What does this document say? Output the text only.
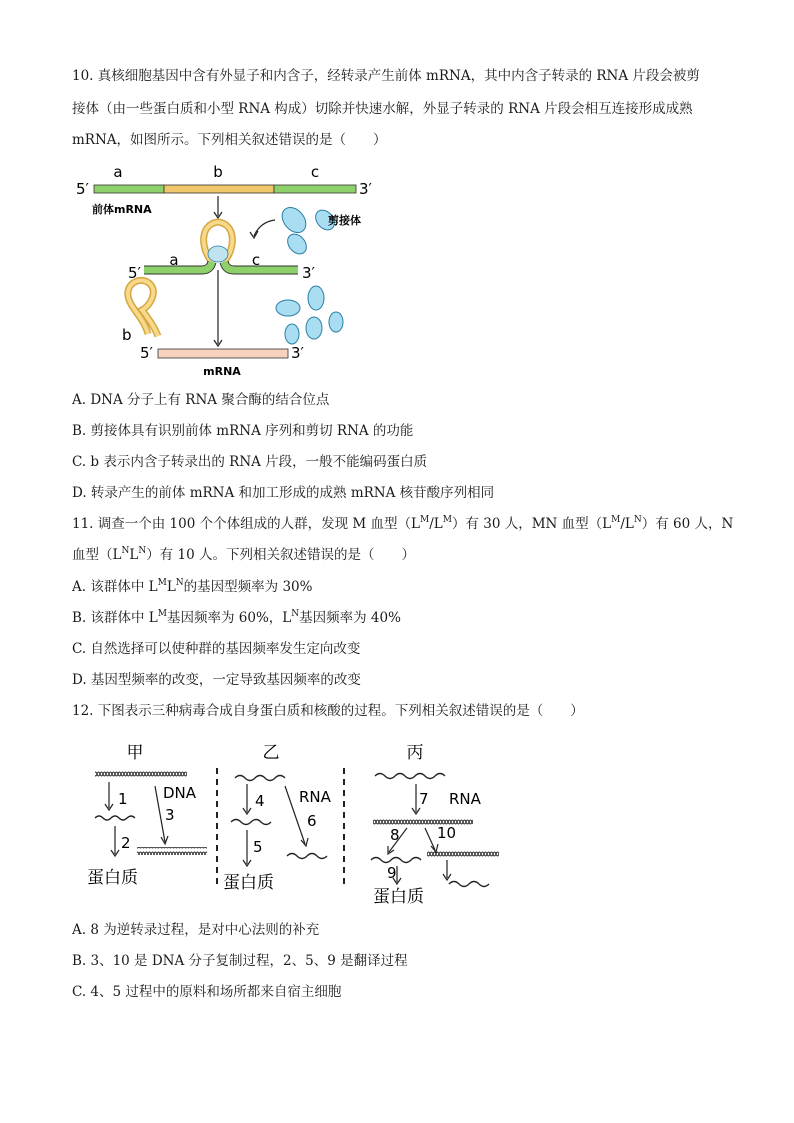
10. 真核细胞基因中含有外显子和内含子，经转录产生前体 mRNA，其中内含子转录的 RNA 片段会被剪
接体（由一些蛋白质和小型 RNA 构成）切除并快速水解，外显子转录的 RNA 片段会相互连接形成成熟
mRNA，如图所示。下列相关叙述错误的是（　　）
a	b	c
5′	3′
前体mRNA
剪接体
5′
a	c
3′
b
5′	3′
mRNA
A. DNA 分子上有 RNA 聚合酶的结合位点
B. 剪接体具有识别前体 mRNA 序列和剪切 RNA 的功能
C. b 表示内含子转录出的 RNA 片段，一般不能编码蛋白质
D. 转录产生的前体 mRNA 和加工形成的成熟 mRNA 核苷酸序列相同
11. 调查一个由 100 个个体组成的人群，发现 M 血型$(L^M/L^M)$有 30 人，MN 血型$(L^M/L^N)$有 60 人，N
血型$(L^NL^N)$有 10 人。下列相关叙述错误的是（　　）
A. 该群体中 $L^ML^N$的基因型频率为 30%
B. 该群体中 $L^M$基因频率为 60%，$L^N$基因频率为 40%
C. 自然选择可以使种群的基因频率发生定向改变
D. 基因型频率的改变，一定导致基因频率的改变
12. 下图表示三种病毒合成自身蛋白质和核酸的过程。下列相关叙述错误的是（　　）
甲	乙	丙
1 DNA
3
2
蛋白质
4 RNA
6
5
蛋白质
7 RNA
8 10
9
蛋白质
A. 8 为逆转录过程，是对中心法则的补充
B. 3、10 是 DNA 分子复制过程，2、5、9 是翻译过程
C. 4、5 过程中的原料和场所都来自宿主细胞
